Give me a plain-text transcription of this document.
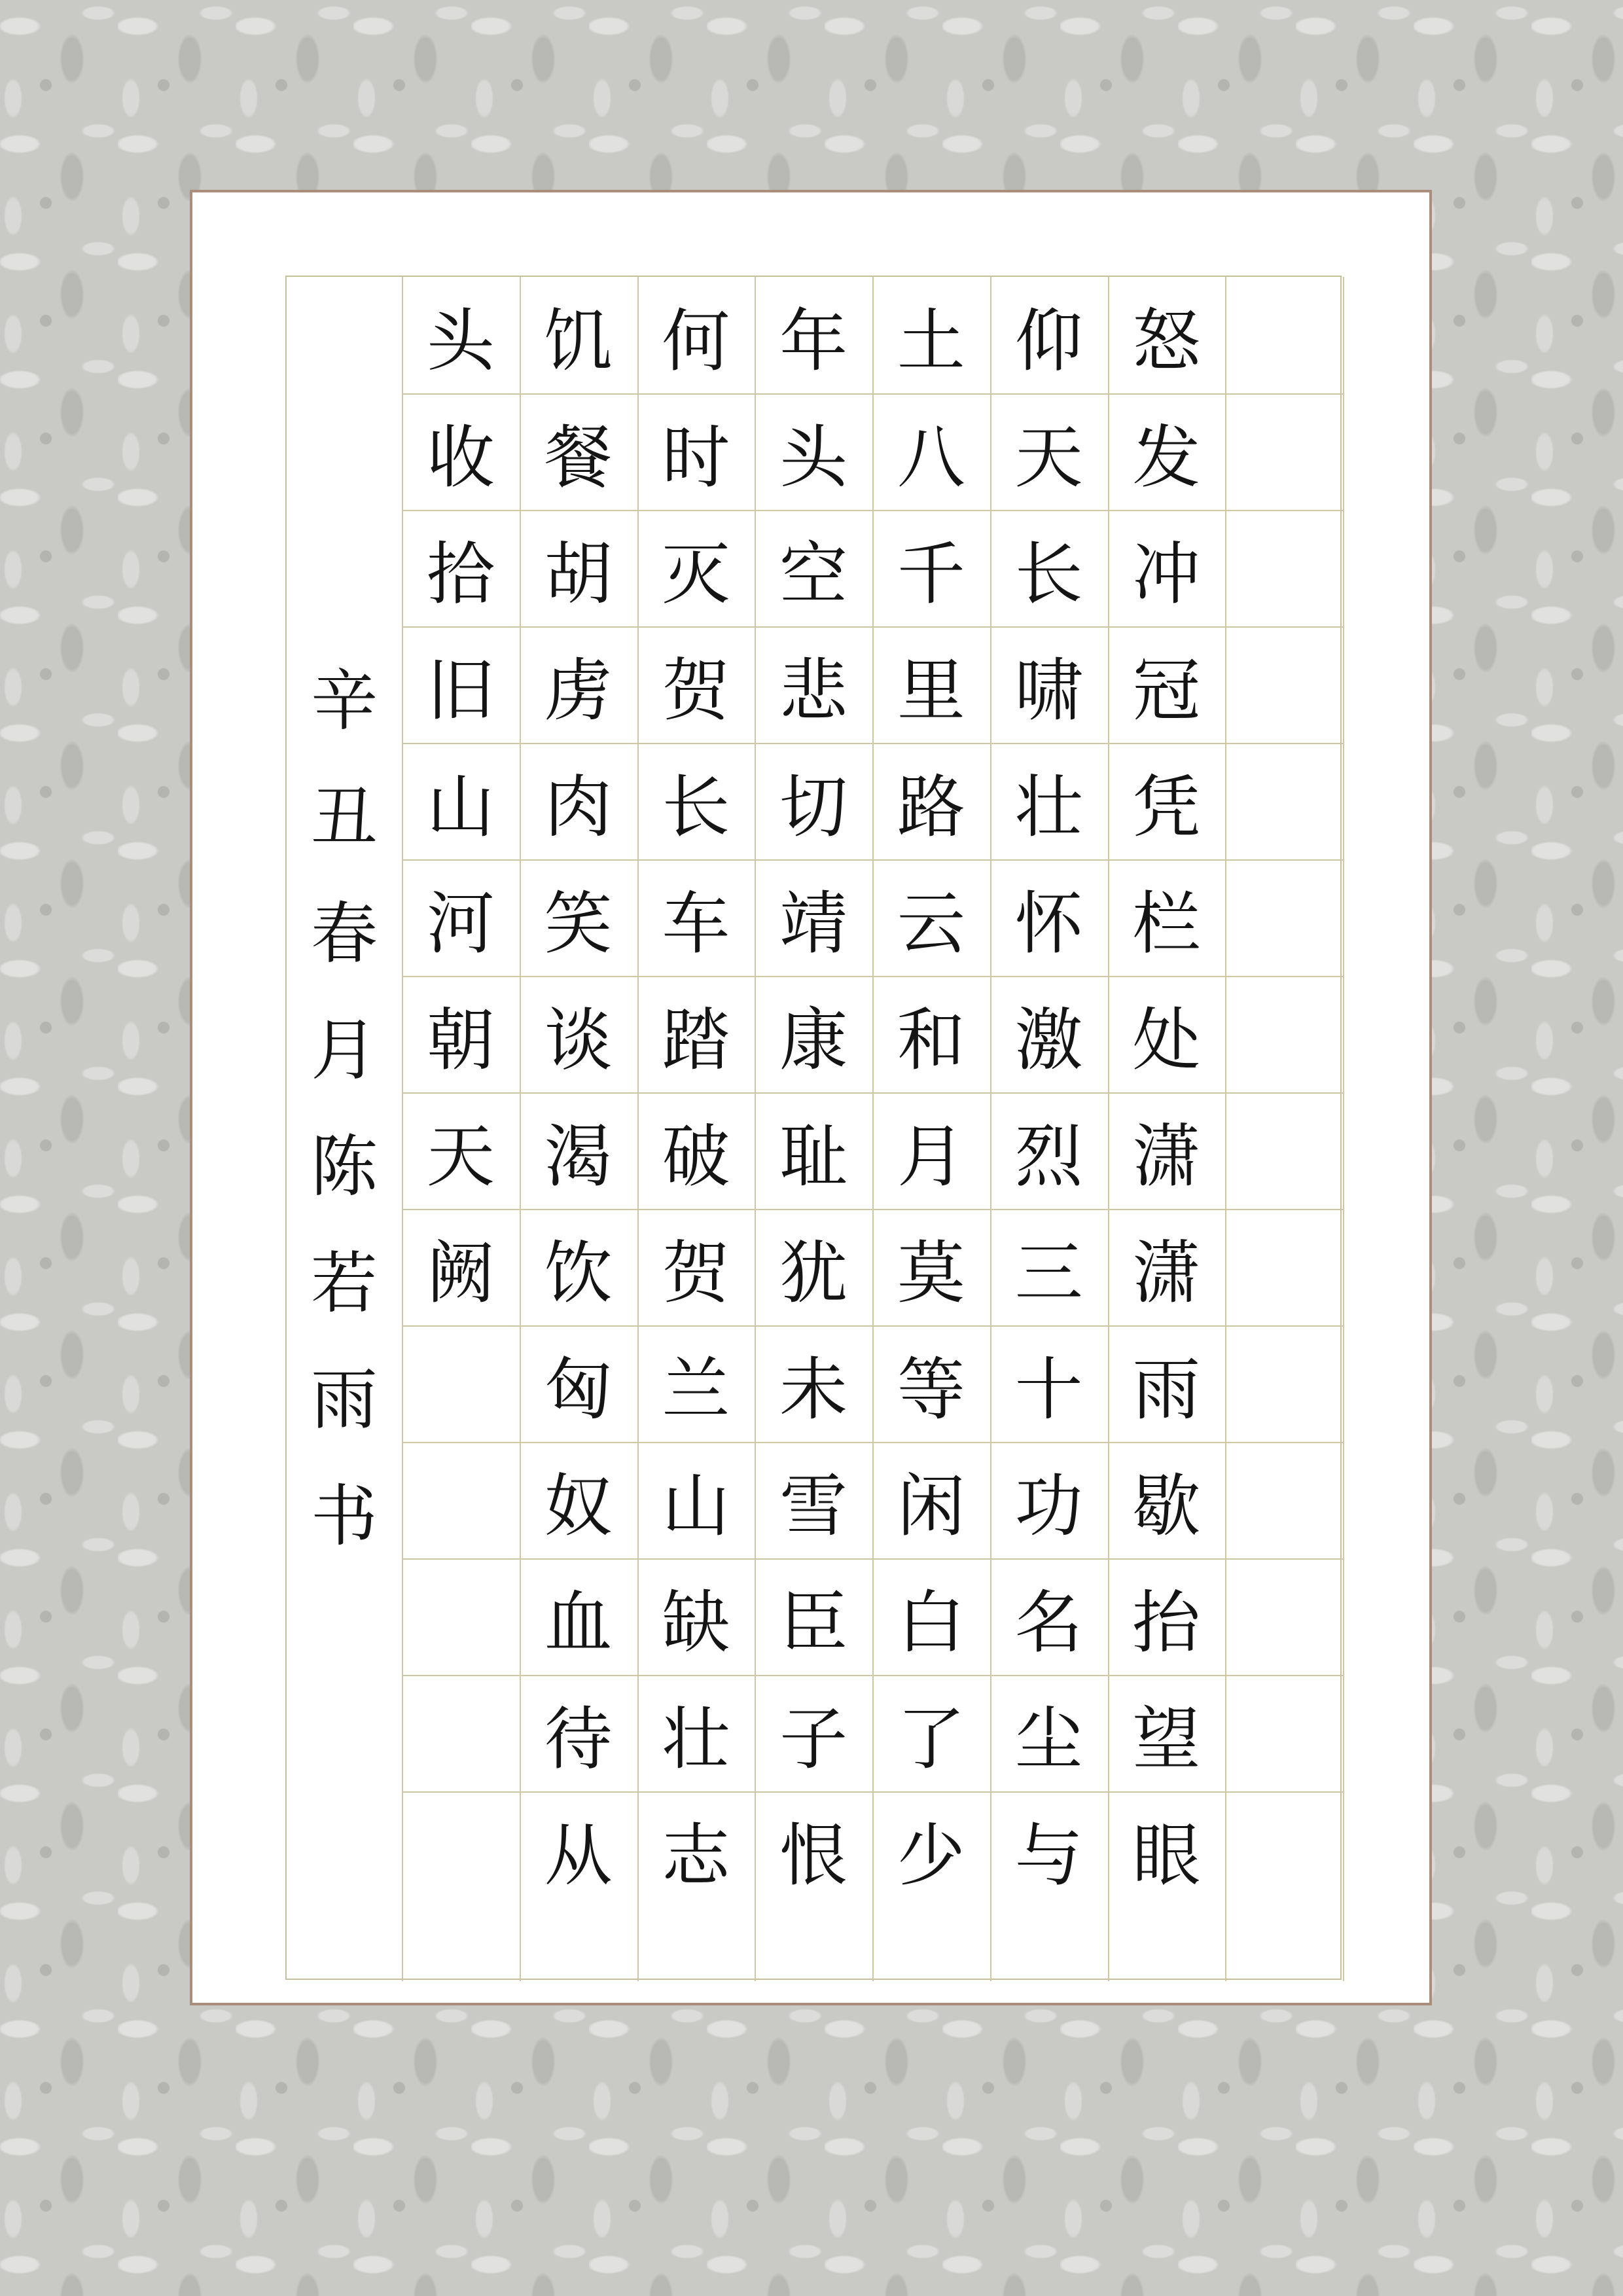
辛
丑
春
月
陈
若
雨
书
怒
发
冲
冠
凭
栏
处
潇
潇
雨
歇
抬
望
眼
仰
天
长
啸
壮
怀
激
烈
三
十
功
名
尘
与
土
八
千
里
路
云
和
月
莫
等
闲
白
了
少
年
头
空
悲
切
靖
康
耻
犹
未
雪
臣
子
恨
何
时
灭
贺
长
车
踏
破
贺
兰
山
缺
壮
志
饥
餐
胡
虏
肉
笑
谈
渴
饮
匈
奴
血
待
从
头
收
拾
旧
山
河
朝
天
阙
